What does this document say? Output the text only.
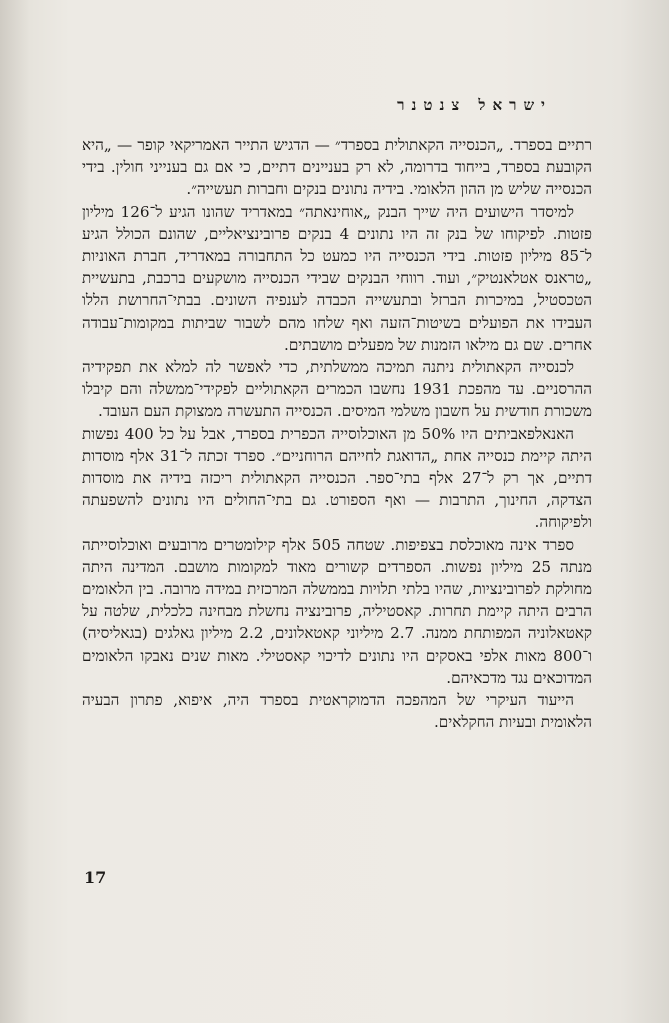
ישראל צנטנר

רתיים בספרד. „הכנסייה הקאתולית בספרד״ — הדגיש התייר האמריקאי קופר — „היא הקובעת בספרד, בייחוד בדרומה, לא רק בעניינים דתיים, כי אם גם בענייני חולין. בידי הכנסייה שליש מן ההון הלאומי. בידיה נתונים בנקים וחברות תעשייה״.

למיסדר הישועים היה שייך הבנק „אוחינאתה״ במאדריד שהונו הגיע ל־126 מיליון פזטות. לפיקוחו של בנק זה היו נתונים 4 בנקים פרובינציאליים, שהונם הכולל הגיע ל־85 מיליון פזטות. בידי הכנסייה היו כמעט כל התחבורה במאדריד, חברת האוניות „טראנס אטלאנטיק״, ועוד. רווחי הבנקים שבידי הכנסייה מושקעים ברכבת, בתעשיית הטכסטיל, במיכרות הברזל ובתעשייה הכבדה לענפיה השונים. בבתי־החרושת הללו העבידו את הפועלים בשיטות־הזעה ואף שלחו מהם לשבור שביתות במקומות־עבודה אחרים. שם גם מילאו הזמנות של מפעלים מושבתים.

לכנסייה הקאתולית ניתנה תמיכה ממשלתית, כדי לאפשר לה למלא את תפקידיה ההרסניים. עד מהפכת 1931 נחשבו הכמרים הקאתוליים לפקידי־ממשלה והם קיבלו משכורת חודשית על חשבון משלמי המיסים. הכנסייה התעשרה ממצוקת העם העובד.

האנאלפאביתים היו 50% מן האוכלוסייה הכפרית בספרד, אבל על כל 400 נפשות היתה קיימת כנסייה אחת „הדואגת לחייהם הרוחניים״. ספרד זכתה ל־31 אלף מוסדות דתיים, אך רק ל־27 אלף בתי־ספר. הכנסייה הקאתולית ריכזה בידיה את מוסדות הצדקה, החינוך, התרבות — ואף הספורט. גם בתי־החולים היו נתונים להשפעתה ולפיקוחה.

ספרד אינה מאוכלסת בצפיפות. שטחה 505 אלף קילומטרים מרובעים ואוכלוסייתה מנתה 25 מיליון נפשות. הספרדים קשורים מאוד למקומות מושבם. המדינה היתה מחולקת לפרובינציות, שהיו בלתי תלויות בממשלה המרכזית במידה מרובה. בין הלאומים הרבים היתה קיימת תחרות. קאסטיליה, פרובינציה נחשלת מבחינה כלכלית, שלטה על קאטאלוניה המפותחת ממנה. 2.7 מיליוני קאטאלונים, 2.2 מיליון גאלגים (בגאליסיה) ו־800 מאות אלפי באסקים היו נתונים לדיכוי קאסטילי. מאות שנים נאבקו הלאומים המדוכאים נגד מדכאיהם.

הייעוד העיקרי של המהפכה הדמוקראטית בספרד היה, איפוא, פתרון הבעיה הלאומית ובעיות החקלאים.

17
